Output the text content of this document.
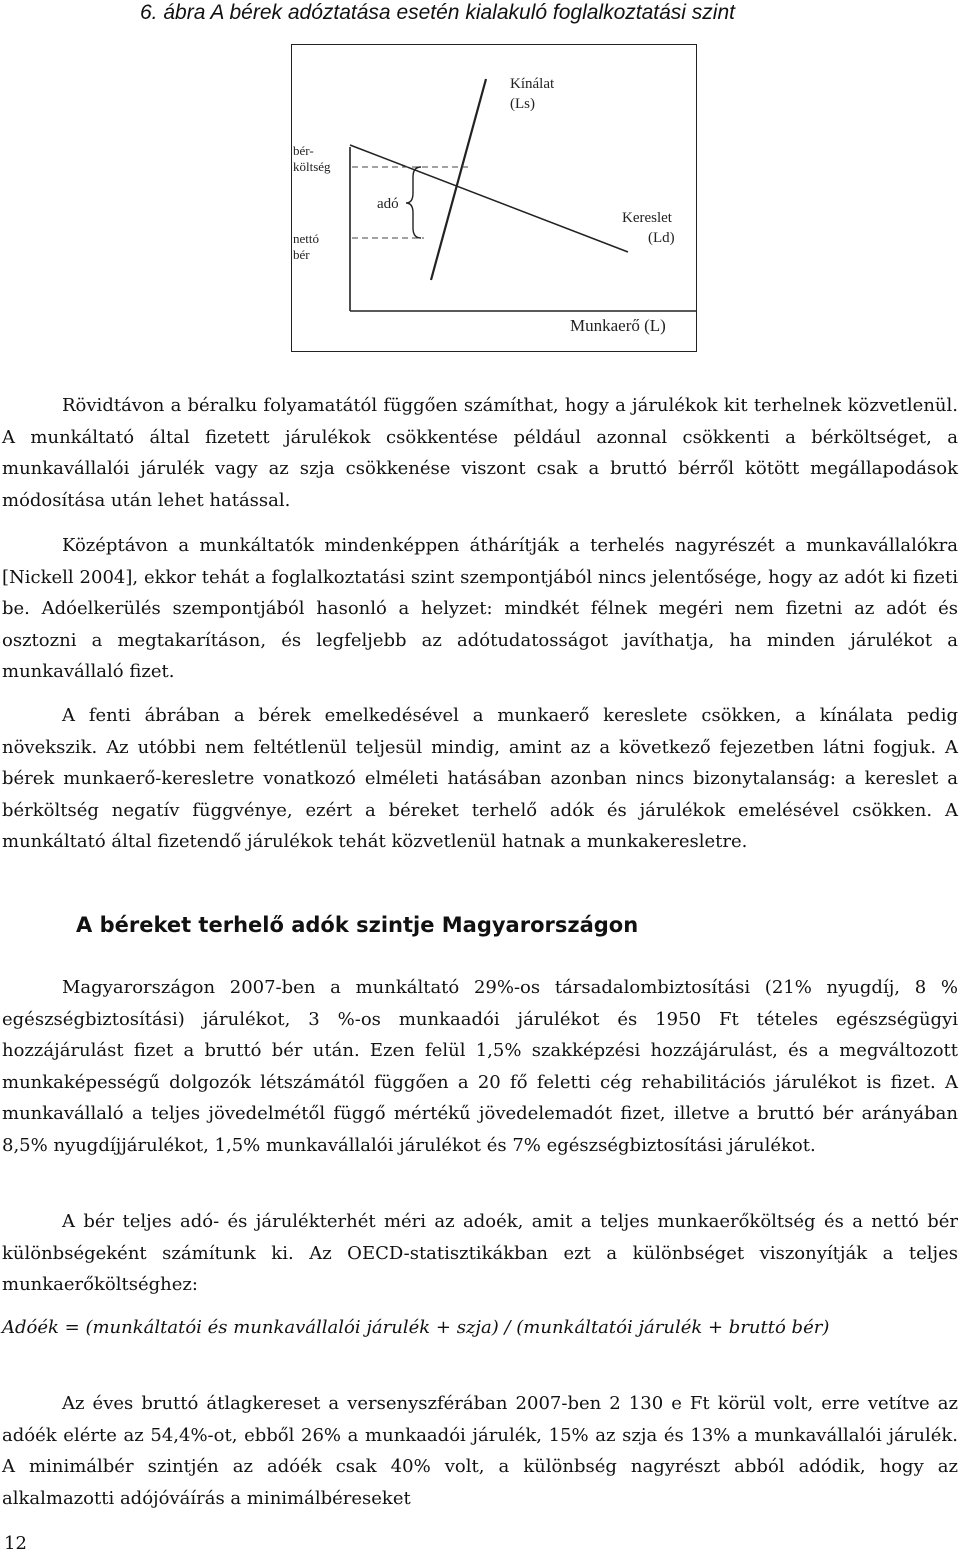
6. ábra A bérek adóztatása esetén kialakuló foglalkoztatási szint
Kínálat
(Ls)
bér-
költség
adó
nettó
bér
Kereslet
(Ld)
Munkaerő (L)

Rövidtávon a béralku folyamatától függően számíthat, hogy a járulékok kit terhelnek közvetlenül. A munkáltató által fizetett járulékok csökkentése például azonnal csökkenti a bérköltséget, a munkavállalói járulék vagy az szja csökkenése viszont csak a bruttó bérről kötött megállapodások módosítása után lehet hatással.

Középtávon a munkáltatók mindenképpen áthárítják a terhelés nagyrészét a munkavállalókra [Nickell 2004], ekkor tehát a foglalkoztatási szint szempontjából nincs jelentősége, hogy az adót ki fizeti be. Adóelkerülés szempontjából hasonló a helyzet: mindkét félnek megéri nem fizetni az adót és osztozni a megtakarításon, és legfeljebb az adótudatosságot javíthatja, ha minden járulékot a munkavállaló fizet.

A fenti ábrában a bérek emelkedésével a munkaerő kereslete csökken, a kínálata pedig növekszik. Az utóbbi nem feltétlenül teljesül mindig, amint az a következő fejezetben látni fogjuk. A bérek munkaerő-keresletre vonatkozó elméleti hatásában azonban nincs bizonytalanság: a kereslet a bérköltség negatív függvénye, ezért a béreket terhelő adók és járulékok emelésével csökken. A munkáltató által fizetendő járulékok tehát közvetlenül hatnak a munkakeresletre.

A béreket terhelő adók szintje Magyarországon

Magyarországon 2007-ben a munkáltató 29%-os társadalombiztosítási (21% nyugdíj, 8 % egészségbiztosítási) járulékot, 3 %-os munkaadói járulékot és 1950 Ft tételes egészségügyi hozzájárulást fizet a bruttó bér után. Ezen felül 1,5% szakképzési hozzájárulást, és a megváltozott munkaképességű dolgozók létszámától függően a 20 fő feletti cég rehabilitációs járulékot is fizet. A munkavállaló a teljes jövedelmétől függő mértékű jövedelemadót fizet, illetve a bruttó bér arányában 8,5% nyugdíjjárulékot, 1,5% munkavállalói járulékot és 7% egészségbiztosítási járulékot.

A bér teljes adó- és járulékterhét méri az adoék, amit a teljes munkaerőköltség és a nettó bér különbségeként számítunk ki. Az OECD-statisztikákban ezt a különbséget viszonyítják a teljes munkaerőköltséghez:

Adóék = (munkáltatói és munkavállalói járulék + szja) / (munkáltatói járulék + bruttó bér)

Az éves bruttó átlagkereset a versenyszférában 2007-ben 2 130 e Ft körül volt, erre vetítve az adóék elérte az 54,4%-ot, ebből 26% a munkaadói járulék, 15% az szja és 13% a munkavállalói járulék. A minimálbér szintjén az adóék csak 40% volt, a különbség nagyrészt abból adódik, hogy az alkalmazotti adójóváírás a minimálbéreseket

12
